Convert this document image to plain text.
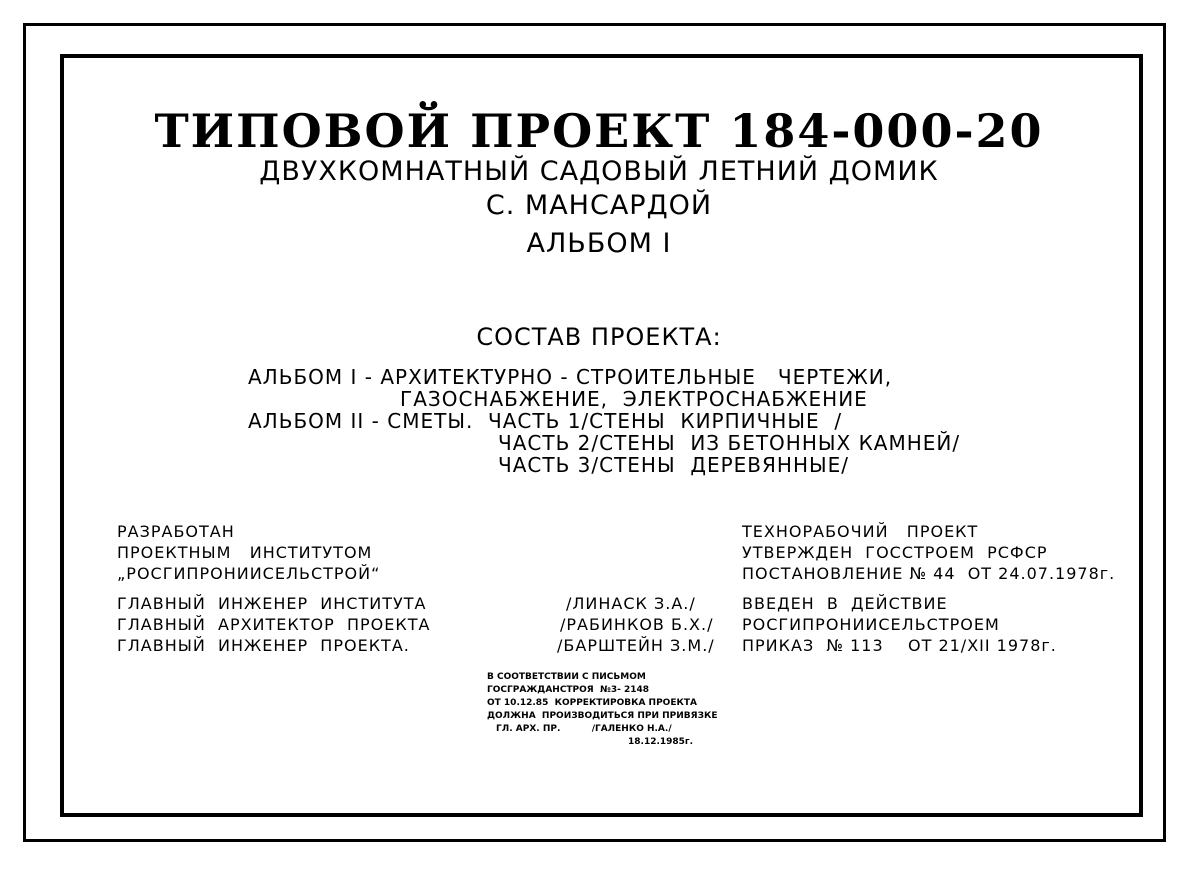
ТИПОВОЙ ПРОЕКТ 184-000-20
ДВУХКОМНАТНЫЙ САДОВЫЙ ЛЕТНИЙ ДОМИК
С. МАНСАРДОЙ
АЛЬБОМ I
СОСТАВ ПРОЕКТА:
АЛЬБОМ I - АРХИТЕКТУРНО - СТРОИТЕЛЬНЫЕ   ЧЕРТЕЖИ,
ГАЗОСНАБЖЕНИЕ,  ЭЛЕКТРОСНАБЖЕНИЕ
АЛЬБОМ II - СМЕТЫ.  ЧАСТЬ 1/СТЕНЫ  КИРПИЧНЫЕ  /
ЧАСТЬ 2/СТЕНЫ  ИЗ БЕТОННЫХ КАМНЕЙ/
ЧАСТЬ 3/СТЕНЫ  ДЕРЕВЯННЫЕ/
РАЗРАБОТАН
ПРОЕКТНЫМ   ИНСТИТУТОМ
„РОСГИПРОНИИСЕЛЬСТРОЙ“
ГЛАВНЫЙ  ИНЖЕНЕР  ИНСТИТУТА
ГЛАВНЫЙ  АРХИТЕКТОР  ПРОЕКТА
ГЛАВНЫЙ  ИНЖЕНЕР  ПРОЕКТА.
/ЛИНАСК З.А./
/РАБИНКОВ Б.Х./
/БАРШТЕЙН З.М./
ТЕХНОРАБОЧИЙ   ПРОЕКТ
УТВЕРЖДЕН  ГОССТРОЕМ  РСФСР
ПОСТАНОВЛЕНИЕ № 44  ОТ 24.07.1978г.
ВВЕДЕН  В  ДЕЙСТВИЕ
РОСГИПРОНИИСЕЛЬСТРОЕМ
ПРИКАЗ  № 113    ОТ 21/XII 1978г.
В СООТВЕТСТВИИ С ПИСЬМОМ
ГОСГРАЖДАНСТРОЯ  №3- 2148
ОТ 10.12.85  КОРРЕКТИРОВКА ПРОЕКТА
ДОЛЖНА  ПРОИЗВОДИТЬСЯ ПРИ ПРИВЯЗКЕ
ГЛ. АРХ. ПР.          /ГАЛЕНКО Н.А./
18.12.1985г.
